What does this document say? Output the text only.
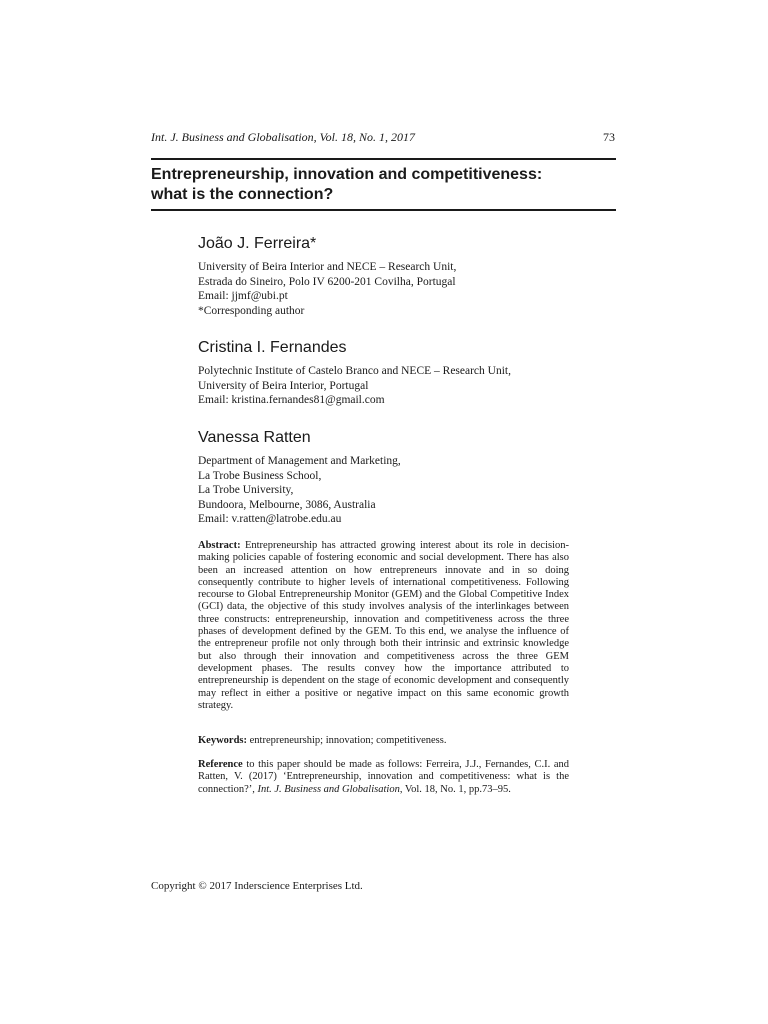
Int. J. Business and Globalisation, Vol. 18, No. 1, 2017	73
Entrepreneurship, innovation and competitiveness:
what is the connection?
João J. Ferreira*
University of Beira Interior and NECE – Research Unit,
Estrada do Sineiro, Polo IV 6200-201 Covilha, Portugal
Email: jjmf@ubi.pt
*Corresponding author
Cristina I. Fernandes
Polytechnic Institute of Castelo Branco and NECE – Research Unit,
University of Beira Interior, Portugal
Email: kristina.fernandes81@gmail.com
Vanessa Ratten
Department of Management and Marketing,
La Trobe Business School,
La Trobe University,
Bundoora, Melbourne, 3086, Australia
Email: v.ratten@latrobe.edu.au
Abstract: Entrepreneurship has attracted growing interest about its role in decision-making policies capable of fostering economic and social development. There has also been an increased attention on how entrepreneurs innovate and in so doing consequently contribute to higher levels of international competitiveness. Following recourse to Global Entrepreneurship Monitor (GEM) and the Global Competitive Index (GCI) data, the objective of this study involves analysis of the interlinkages between three constructs: entrepreneurship, innovation and competitiveness across the three phases of development defined by the GEM. To this end, we analyse the influence of the entrepreneur profile not only through both their intrinsic and extrinsic knowledge but also through their innovation and competitiveness across the three GEM development phases. The results convey how the importance attributed to entrepreneurship is dependent on the stage of economic development and consequently may reflect in either a positive or negative impact on this same economic growth strategy.
Keywords: entrepreneurship; innovation; competitiveness.
Reference to this paper should be made as follows: Ferreira, J.J., Fernandes, C.I. and Ratten, V. (2017) ‘Entrepreneurship, innovation and competitiveness: what is the connection?’, Int. J. Business and Globalisation, Vol. 18, No. 1, pp.73–95.
Copyright © 2017 Inderscience Enterprises Ltd.
